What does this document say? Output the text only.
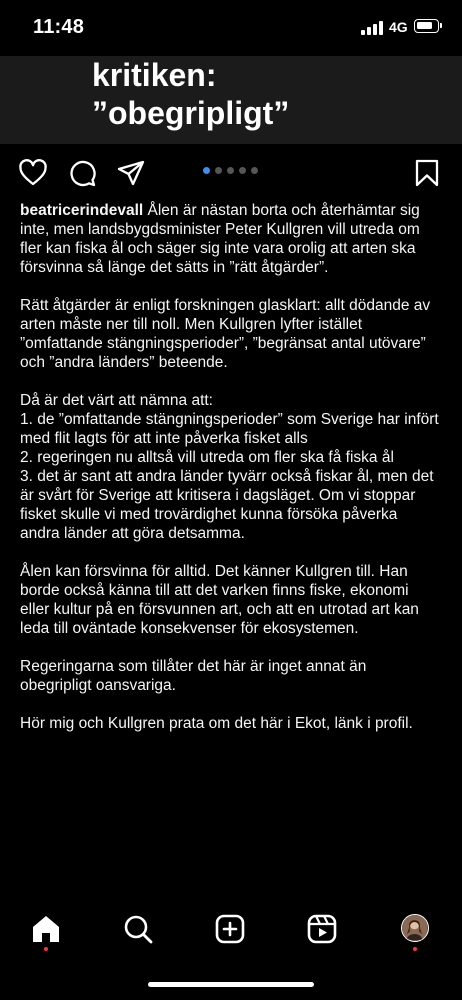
11:48	4G
kritiken:
”obegripligt”

beatricerindevall Ålen är nästan borta och återhämtar sig inte, men landsbygdsminister Peter Kullgren vill utreda om fler kan fiska ål och säger sig inte vara orolig att arten ska försvinna så länge det sätts in ”rätt åtgärder”.

Rätt åtgärder är enligt forskningen glasklart: allt dödande av arten måste ner till noll. Men Kullgren lyfter istället ”omfattande stängningsperioder”, ”begränsat antal utövare” och ”andra länders” beteende.

Då är det värt att nämna att:

1. de ”omfattande stängningsperioder” som Sverige har infört med flit lagts för att inte påverka fisket alls

2. regeringen nu alltså vill utreda om fler ska få fiska ål

3. det är sant att andra länder tyvärr också fiskar ål, men det är svårt för Sverige att kritisera i dagsläget. Om vi stoppar fisket skulle vi med trovärdighet kunna försöka påverka andra länder att göra detsamma.

Ålen kan försvinna för alltid. Det känner Kullgren till. Han borde också känna till att det varken finns fiske, ekonomi eller kultur på en försvunnen art, och att en utrotad art kan leda till oväntade konsekvenser för ekosystemen.

Regeringarna som tillåter det här är inget annat än obegripligt oansvariga.

Hör mig och Kullgren prata om det här i Ekot, länk i profil.
